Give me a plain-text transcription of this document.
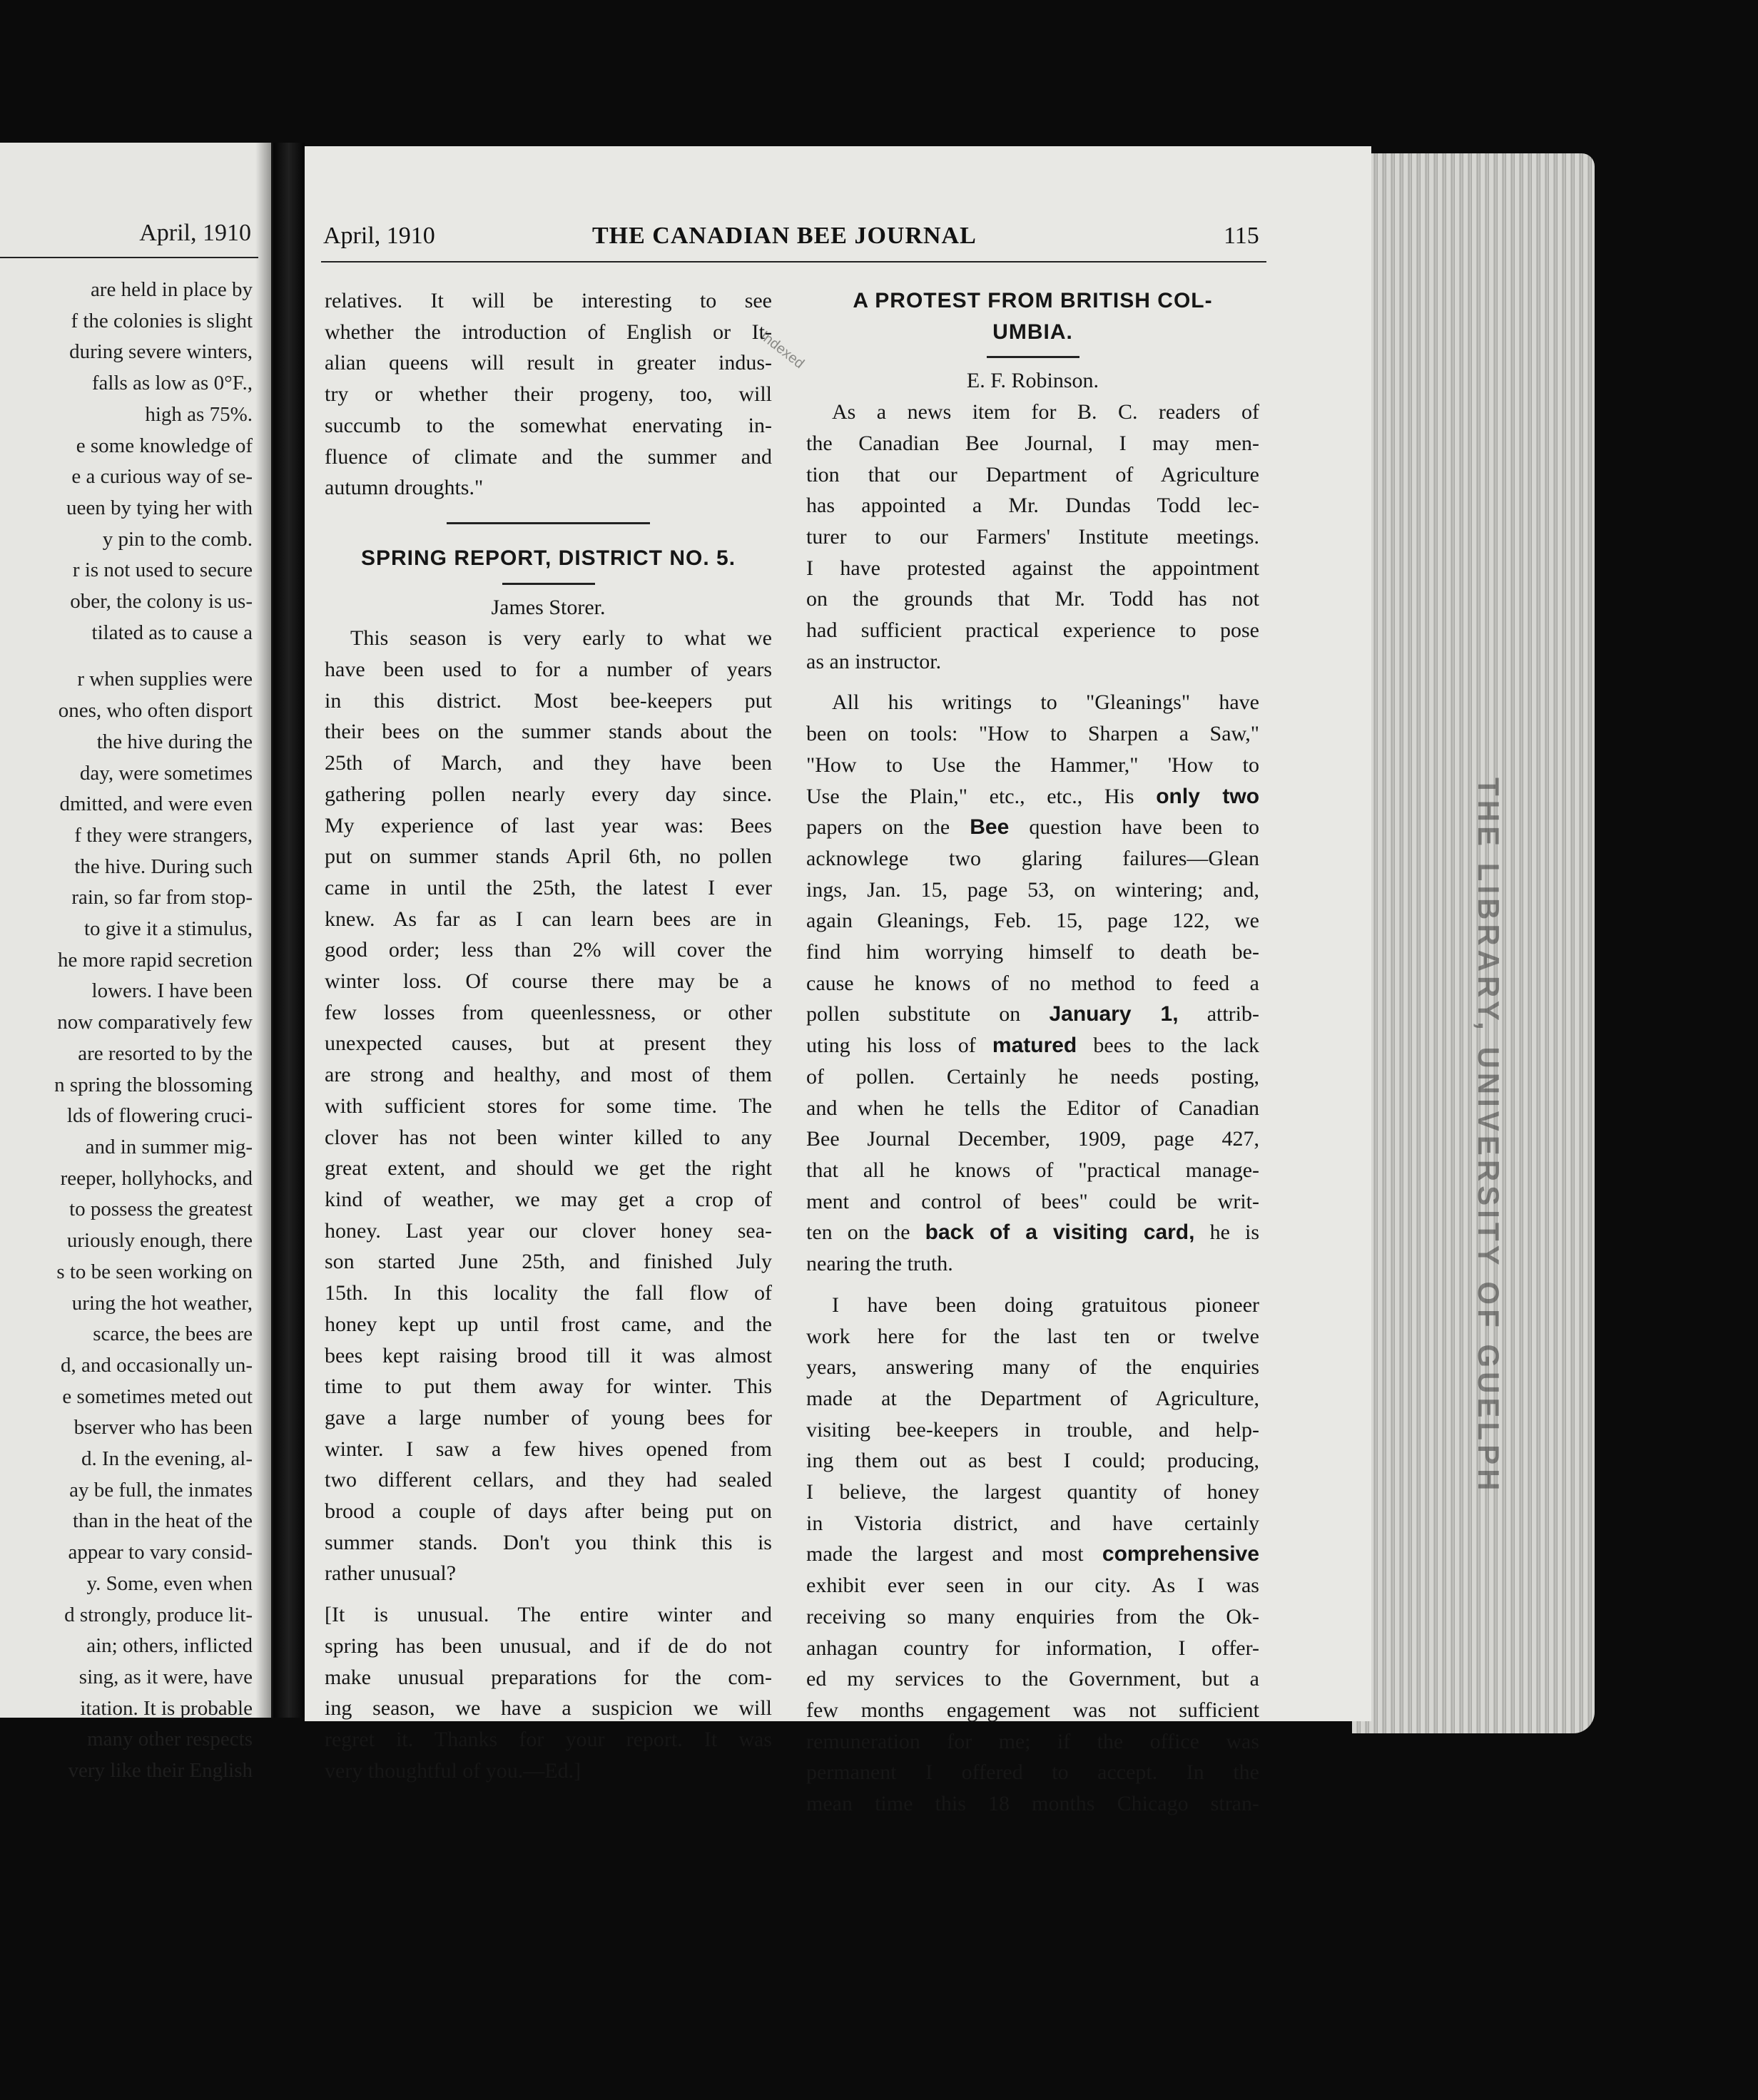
April, 1910
are held in place by
f the colonies is slight
during severe winters,
falls as low as 0°F.,
high as 75%.
e some knowledge of
e a curious way of se-
ueen by tying her with
y pin to the comb.
r is not used to secure
ober, the colony is us-
tilated as to cause a
r when supplies were
ones, who often disport
the hive during the
day, were sometimes
dmitted, and were even
f they were strangers,
the hive. During such
rain, so far from stop-
to give it a stimulus,
he more rapid secretion
lowers. I have been
now comparatively few
are resorted to by the
n spring the blossoming
lds of flowering cruci-
and in summer mig-
reeper, hollyhocks, and
to possess the greatest
uriously enough, there
s to be seen working on
uring the hot weather,
scarce, the bees are
d, and occasionally un-
e sometimes meted out
bserver who has been
d. In the evening, al-
ay be full, the inmates
than in the heat of the
appear to vary consid-
y. Some, even when
d strongly, produce lit-
ain; others, inflicted
sing, as it were, have
itation. It is probable
many other respects
very like their English
THE LIBRARY, UNIVERSITY OF GUELPH
April, 1910	THE CANADIAN BEE JOURNAL	115
Indexed
relatives. It will be interesting to see
whether the introduction of English or It-
alian queens will result in greater indus-
try or whether their progeny, too, will
succumb to the somewhat enervating in-
fluence of climate and the summer and
autumn droughts."
SPRING REPORT, DISTRICT NO. 5.
James Storer.
This season is very early to what we
have been used to for a number of years
in this district. Most bee-keepers put
their bees on the summer stands about the
25th of March, and they have been
gathering pollen nearly every day since.
My experience of last year was: Bees
put on summer stands April 6th, no pollen
came in until the 25th, the latest I ever
knew. As far as I can learn bees are in
good order; less than 2% will cover the
winter loss. Of course there may be a
few losses from queenlessness, or other
unexpected causes, but at present they
are strong and healthy, and most of them
with sufficient stores for some time. The
clover has not been winter killed to any
great extent, and should we get the right
kind of weather, we may get a crop of
honey. Last year our clover honey sea-
son started June 25th, and finished July
15th. In this locality the fall flow of
honey kept up until frost came, and the
bees kept raising brood till it was almost
time to put them away for winter. This
gave a large number of young bees for
winter. I saw a few hives opened from
two different cellars, and they had sealed
brood a couple of days after being put on
summer stands. Don't you think this is
rather unusual?
[It is unusual. The entire winter and
spring has been unusual, and if de do not
make unusual preparations for the com-
ing season, we have a suspicion we will
regret it. Thanks for your report. It was
very thoughtful of you.—Ed.]
A PROTEST FROM BRITISH COL-
UMBIA.
E. F. Robinson.
As a news item for B. C. readers of
the Canadian Bee Journal, I may men-
tion that our Department of Agriculture
has appointed a Mr. Dundas Todd lec-
turer to our Farmers' Institute meetings.
I have protested against the appointment
on the grounds that Mr. Todd has not
had sufficient practical experience to pose
as an instructor.
All his writings to "Gleanings" have
been on tools: "How to Sharpen a Saw,"
"How to Use the Hammer," 'How to
Use the Plain," etc., etc., His only two
papers on the Bee question have been to
acknowlege two glaring failures—Glean
ings, Jan. 15, page 53, on wintering; and,
again Gleanings, Feb. 15, page 122, we
find him worrying himself to death be-
cause he knows of no method to feed a
pollen substitute on January 1, attrib-
uting his loss of matured bees to the lack
of pollen. Certainly he needs posting,
and when he tells the Editor of Canadian
Bee Journal December, 1909, page 427,
that all he knows of "practical manage-
ment and control of bees" could be writ-
ten on the back of a visiting card, he is
nearing the truth.
I have been doing gratuitous pioneer
work here for the last ten or twelve
years, answering many of the enquiries
made at the Department of Agriculture,
visiting bee-keepers in trouble, and help-
ing them out as best I could; producing,
I believe, the largest quantity of honey
in Vistoria district, and have certainly
made the largest and most comprehensive
exhibit ever seen in our city. As I was
receiving so many enquiries from the Ok-
anhagan country for information, I offer-
ed my services to the Government, but a
few months engagement was not sufficient
remuneration for me; if the office was
permanent I offered to accept. In the
mean time this 18 months Chicago stran-
